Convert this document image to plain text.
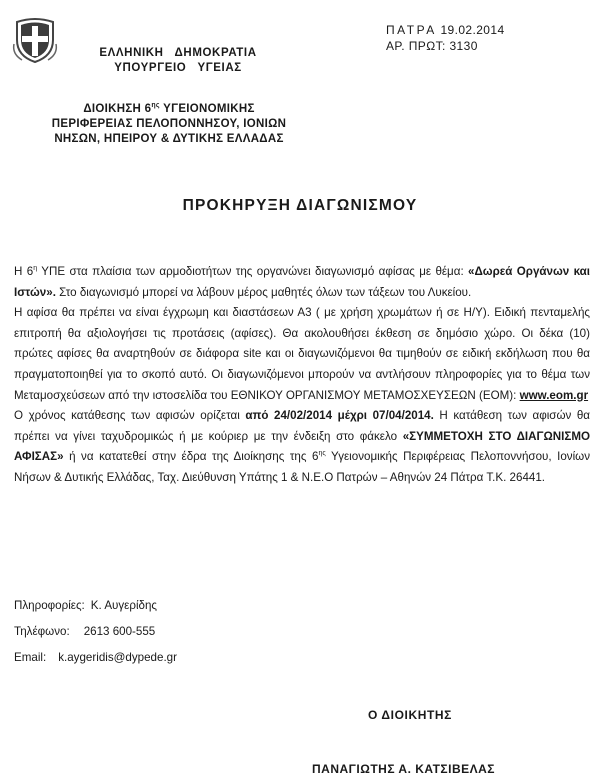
ΕΛΛΗΝΙΚΗ   ΔΗΜΟΚΡΑΤΙΑ
ΥΠΟΥΡΓΕΙΟ   ΥΓΕΙΑΣ
ΔΙΟΙΚΗΣΗ $6^{\eta\varsigma}$ ΥΓΕΙΟΝΟΜΙΚΗΣ
ΠΕΡΙΦΕΡΕΙΑΣ ΠΕΛΟΠΟΝΝΗΣΟΥ, ΙΟΝΙΩΝ
ΝΗΣΩΝ, ΗΠΕΙΡΟΥ & ΔΥΤΙΚΗΣ ΕΛΛΑΔΑΣ
ΠΑΤΡΑ 19.02.2014
ΑΡ. ΠΡΩΤ: 3130
ΠΡΟΚΗΡΥΞΗ ΔΙΑΓΩΝΙΣΜΟΥ

Η $6^\eta$ ΥΠΕ στα πλαίσια των αρμοδιοτήτων της οργανώνει διαγωνισμό αφίσας με θέμα: «Δωρεά Οργάνων και Ιστών». Στο διαγωνισμό μπορεί να λάβουν μέρος μαθητές όλων των τάξεων του Λυκείου.

Η αφίσα θα πρέπει να είναι έγχρωμη και διαστάσεων Α3 ( με χρήση χρωμάτων ή σε Η/Υ). Ειδική πενταμελής επιτροπή θα αξιολογήσει τις προτάσεις (αφίσες). Θα ακολουθήσει έκθεση σε δημόσιο χώρο. Οι δέκα (10) πρώτες αφίσες θα αναρτηθούν σε διάφορα site και οι διαγωνιζόμενοι θα τιμηθούν σε ειδική εκδήλωση που θα πραγματοποιηθεί για το σκοπό αυτό. Οι διαγωνιζόμενοι μπορούν να αντλήσουν πληροφορίες για το θέμα των Μεταμοσχεύσεων από την ιστοσελίδα του ΕΘΝΙΚΟΥ ΟΡΓΑΝΙΣΜΟΥ ΜΕΤΑΜΟΣΧΕΥΣΕΩΝ (ΕΟΜ): www.eom.gr

Ο χρόνος κατάθεσης των αφισών ορίζεται από 24/02/2014 μέχρι 07/04/2014. Η κατάθεση των αφισών θα πρέπει να γίνει ταχυδρομικώς ή με κούριερ με την ένδειξη στο φάκελο «ΣΥΜΜΕΤΟΧΗ ΣΤΟ ΔΙΑΓΩΝΙΣΜΟ ΑΦΙΣΑΣ» ή να κατατεθεί στην έδρα της Διοίκησης της $6^{\eta\varsigma}$ Υγειονομικής Περιφέρειας Πελοποννήσου, Ιονίων Νήσων & Δυτικής Ελλάδας, Ταχ. Διεύθυνση Υπάτης 1 & Ν.Ε.Ο Πατρών – Αθηνών 24 Πάτρα Τ.Κ. 26441.

Πληροφορίες: Κ. Αυγερίδης
Τηλέφωνο: 2613 600-555
Email: k.aygeridis@dypede.gr
Ο ΔΙΟΙΚΗΤΗΣ
ΠΑΝΑΓΙΩΤΗΣ Α. ΚΑΤΣΙΒΕΛΑΣ
